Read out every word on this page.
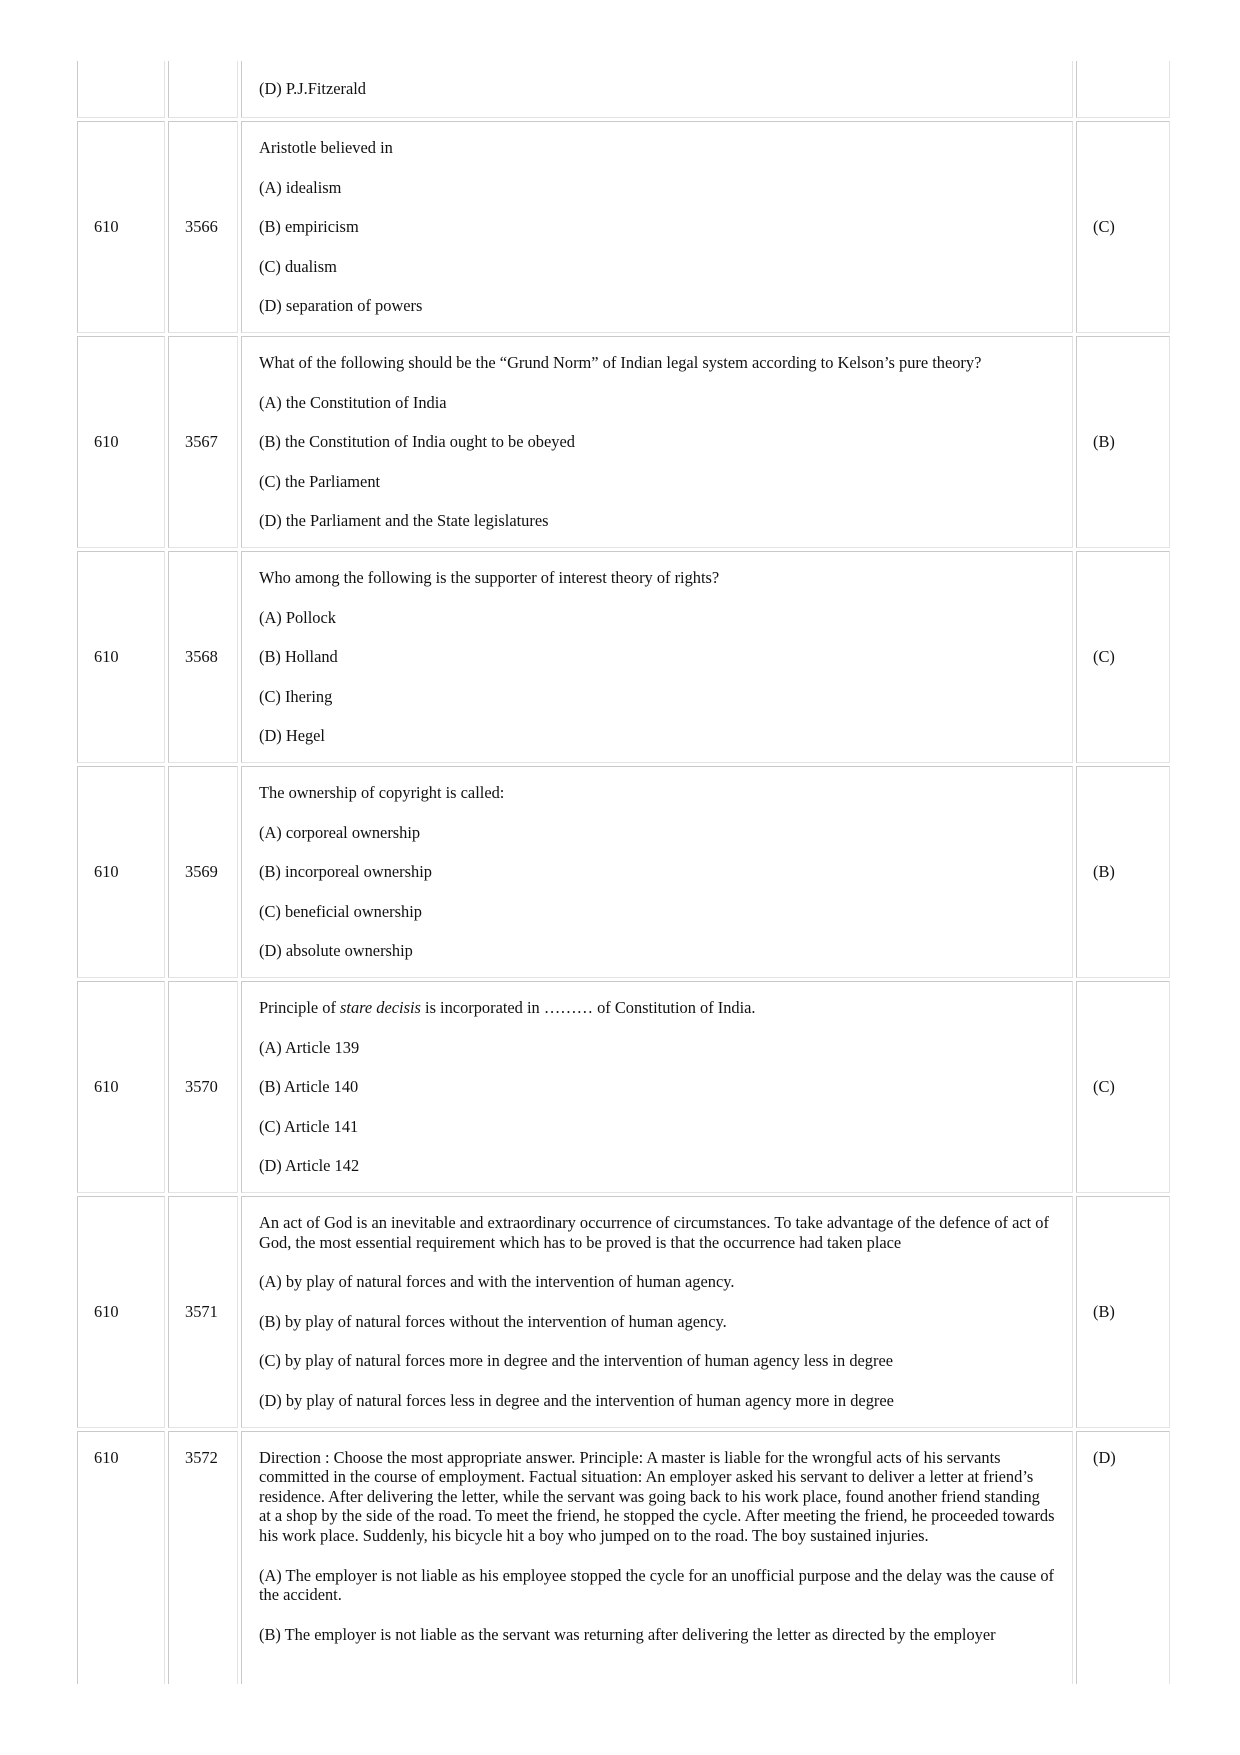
		(D) P.J.Fitzerald	

610	3566	Aristotle believed in

(A) idealism

(B) empiricism

(C) dualism

(D) separation of powers	(C)
610	3567	What of the following should be the “Grund Norm” of Indian legal system according to Kelson’s pure theory?

(A) the Constitution of India

(B) the Constitution of India ought to be obeyed

(C) the Parliament

(D) the Parliament and the State legislatures	(B)
610	3568	Who among the following is the supporter of interest theory of rights?

(A) Pollock

(B) Holland

(C) Ihering

(D) Hegel	(C)
610	3569	The ownership of copyright is called:

(A) corporeal ownership

(B) incorporeal ownership

(C) beneficial ownership

(D) absolute ownership	(B)
610	3570	Principle of stare decisis is incorporated in ……… of Constitution of India.

(A) Article 139

(B) Article 140

(C) Article 141

(D) Article 142	(C)
610	3571	An act of God is an inevitable and extraordinary occurrence of circumstances. To take advantage of the defence of act of God, the most essential requirement which has to be proved is that the occurrence had taken place

(A) by play of natural forces and with the intervention of human agency.

(B) by play of natural forces without the intervention of human agency.

(C) by play of natural forces more in degree and the intervention of human agency less in degree

(D) by play of natural forces less in degree and the intervention of human agency more in degree	(B)
610	3572	Direction : Choose the most appropriate answer. Principle: A master is liable for the wrongful acts of his servants committed in the course of employment. Factual situation: An employer asked his servant to deliver a letter at friend’s residence. After delivering the letter, while the servant was going back to his work place, found another friend standing at a shop by the side of the road. To meet the friend, he stopped the cycle. After meeting the friend, he proceeded towards his work place. Suddenly, his bicycle hit a boy who jumped on to the road. The boy sustained injuries.

(A) The employer is not liable as his employee stopped the cycle for an unofficial purpose and the delay was the cause of the accident.

(B) The employer is not liable as the servant was returning after delivering the letter as directed by the employer	(D)
